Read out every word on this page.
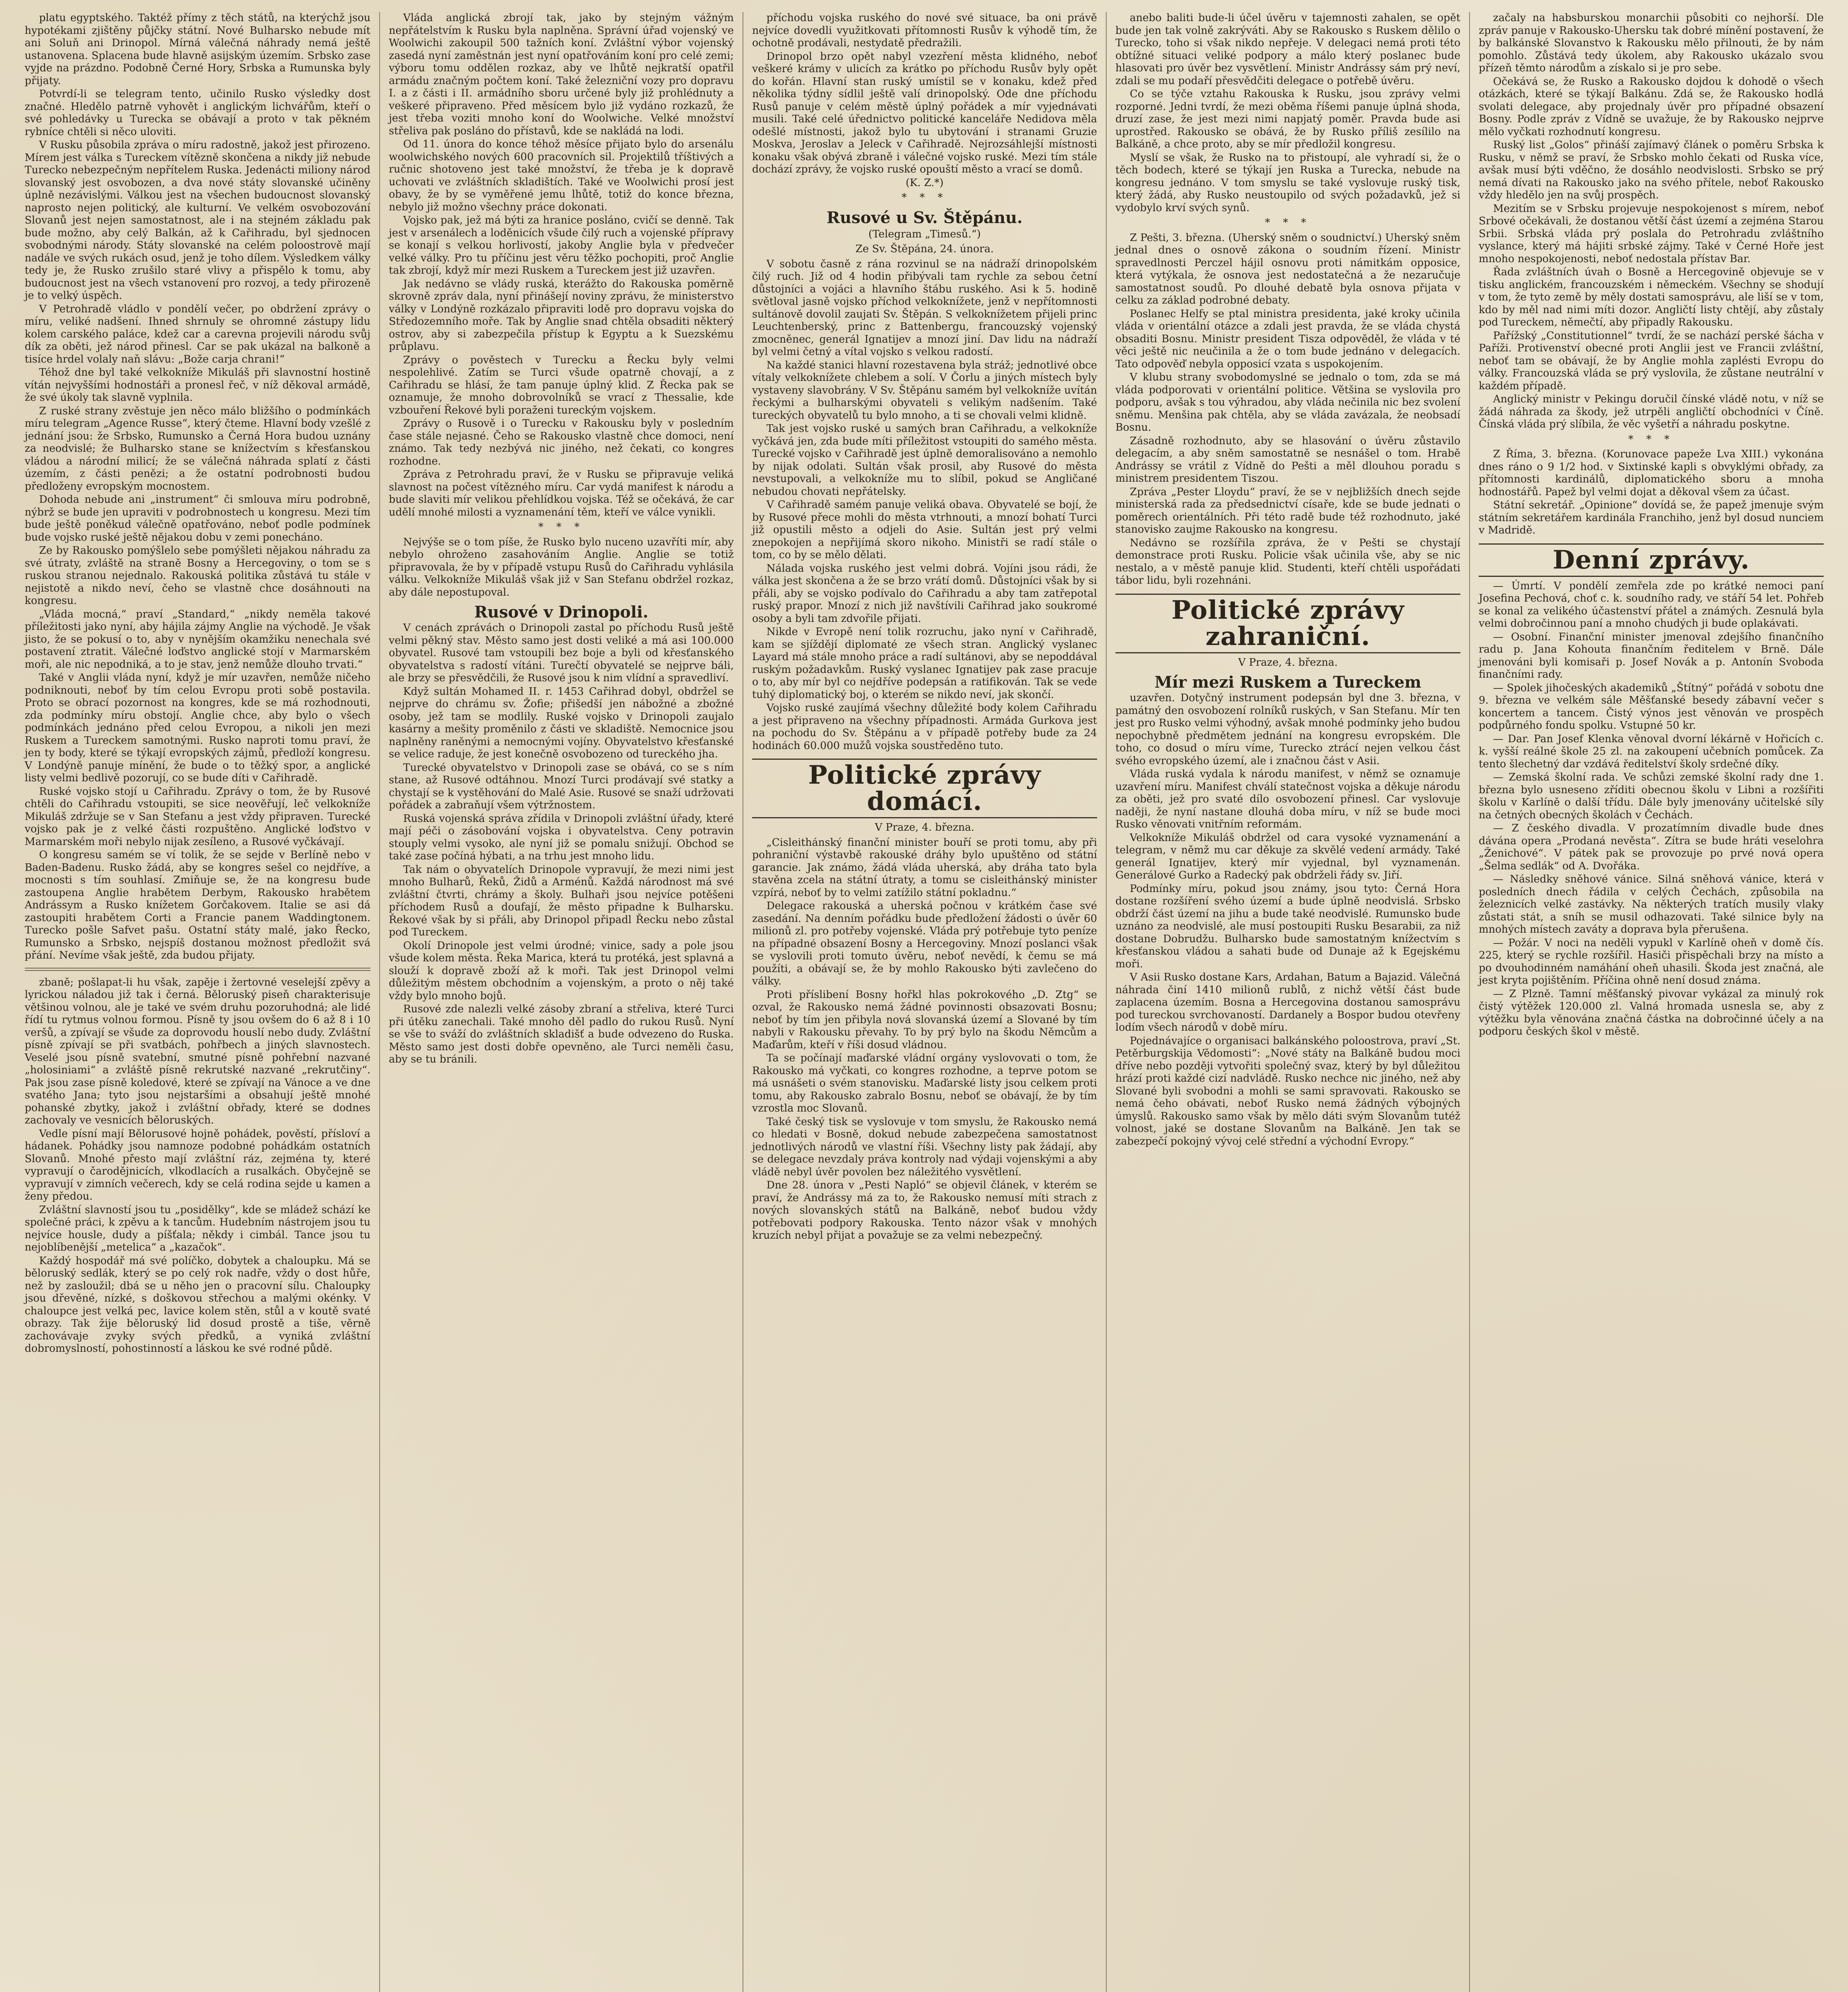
platu egyptského. Taktéž přímy z těch států, na kterýchž jsou hypotékami zjištěny půjčky státní. Nové Bulharsko nebude mít ani Soluň ani Drinopol. Mírná válečná náhrady nemá ještě ustanovena. Splacena bude hlavně asijským územím. Srbsko zase vyjde na prázdno. Podobně Černé Hory, Srbska a Rumunska byly přijaty.

Potvrdí-li se telegram tento, učinilo Rusko výsledky dost značné. Hledělo patrně vyhovět i anglickým lichvářům, kteří o své pohledávky u Turecka se obávají a proto v tak pěkném rybníce chtěli si něco uloviti.

V Rusku působila zpráva o míru radostně, jakož jest přirozeno. Mírem jest válka s Tureckem vítězně skončena a nikdy již nebude Turecko nebezpečným nepřítelem Ruska. Jedenácti miliony národ slovanský jest osvobozen, a dva nové státy slovanské učiněny úplně nezávislými. Válkou jest na všechen budoucnost slovanský naprosto nejen politický, ale kulturní. Ve velkém osvobozování Slovanů jest nejen samostatnost, ale i na stejném základu pak bude možno, aby celý Balkán, až k Cařihradu, byl sjednocen svobodnými národy. Státy slovanské na celém poloostrově mají nadále ve svých rukách osud, jenž je toho dílem. Výsledkem války tedy je, že Rusko zrušilo staré vlivy a přispělo k tomu, aby budoucnost jest na všech vstanovení pro rozvoj, a tedy přirozeně je to velký úspěch.

V Petrohradě vládlo v pondělí večer, po obdržení zprávy o míru, veliké nadšení. Ihned shrnuly se ohromné zástupy lidu kolem carského paláce, kdež car a carevna projevili národu svůj dík za oběti, jež národ přinesl. Car se pak ukázal na balkoně a tisíce hrdel volaly naň slávu: „Bože carja chrani!“

Téhož dne byl také velkokníže Mikuláš při slavnostní hostině vítán nejvyššími hodnostáři a pronesl řeč, v níž děkoval armádě, že své úkoly tak slavně vyplnila.

Z ruské strany zvěstuje jen něco málo bližšího o podmínkách míru telegram „Agence Russe“, který čteme. Hlavní body vzešlé z jednání jsou: že Srbsko, Rumunsko a Černá Hora budou uznány za neodvislé; že Bulharsko stane se knížectvím s křesťanskou vládou a národní milicí; že se válečná náhrada splatí z části územím, z části penězi; a že ostatní podrobnosti budou předloženy evropským mocnostem.

Dohoda nebude ani „instrument“ či smlouva míru podrobně, nýbrž se bude jen upraviti v podrobnostech u kongresu. Mezi tím bude ještě poněkud válečně opatřováno, neboť podle podmínek bude vojsko ruské ještě nějakou dobu v zemi ponecháno.

Ze by Rakousko pomýšlelo sebe pomýšleti nějakou náhradu za své útraty, zvláště na straně Bosny a Hercegoviny, o tom se s ruskou stranou nejednalo. Rakouská politika zůstává tu stále v nejistotě a nikdo neví, čeho se vlastně chce dosáhnouti na kongresu.

„Vláda mocná,“ praví „Standard,“ „nikdy neměla takové příležitosti jako nyní, aby hájila zájmy Anglie na východě. Je však jisto, že se pokusí o to, aby v nynějším okamžiku nenechala své postavení ztratit. Válečné loďstvo anglické stojí v Marmarském moři, ale nic nepodniká, a to je stav, jenž nemůže dlouho trvati.“

Také v Anglii vláda nyní, když je mír uzavřen, nemůže ničeho podniknouti, neboť by tím celou Evropu proti sobě postavila. Proto se obrací pozornost na kongres, kde se má rozhodnouti, zda podmínky míru obstojí. Anglie chce, aby bylo o všech podmínkách jednáno před celou Evropou, a nikoli jen mezi Ruskem a Tureckem samotnými. Rusko naproti tomu praví, že jen ty body, které se týkají evropských zájmů, předloží kongresu. V Londýně panuje mínění, že bude o to těžký spor, a anglické listy velmi bedlivě pozorují, co se bude díti v Cařihradě.

Ruské vojsko stojí u Cařihradu. Zprávy o tom, že by Rusové chtěli do Cařihradu vstoupiti, se sice neověřují, leč velkokníže Mikuláš zdržuje se v San Stefanu a jest vždy připraven. Turecké vojsko pak je z velké části rozpuštěno. Anglické loďstvo v Marmarském moři nebylo nijak zesíleno, a Rusové vyčkávají.

O kongresu samém se ví tolik, že se sejde v Berlíně nebo v Baden-Badenu. Rusko žádá, aby se kongres sešel co nejdříve, a mocnosti s tím souhlasí. Zmiňuje se, že na kongresu bude zastoupena Anglie hrabětem Derbym, Rakousko hrabětem Andrássym a Rusko knížetem Gorčakovem. Italie se asi dá zastoupiti hrabětem Corti a Francie panem Waddingtonem. Turecko pošle Safvet pašu. Ostatní státy malé, jako Řecko, Rumunsko a Srbsko, nejspíš dostanou možnost předložit svá přání. Nevíme však ještě, zda budou přijaty.

zbaně; pošlapat-li hu však, zapěje i žertovné veselejší zpěvy a lyrickou náladou již tak i černá. Běloruský piseň charakterisuje většinou volnou, ale je také ve svém druhu pozoruhodná; ale lidé řídí tu rytmus volnou formou. Písně ty jsou ovšem do 6 až 8 i 10 veršů, a zpívají se všude za doprovodu houslí nebo dudy. Zvláštní písně zpívají se při svatbách, pohřbech a jiných slavnostech. Veselé jsou písně svatební, smutné písně pohřební nazvané „holosiniami“ a zvláště písně rekrutské nazvané „rekrutčiny“. Pak jsou zase písně koledové, které se zpívají na Vánoce a ve dne svatého Jana; tyto jsou nejstaršími a obsahují ještě mnohé pohanské zbytky, jakož i zvláštní obřady, které se dodnes zachovaly ve vesnicích běloruských.

Vedle písní mají Bělorusové hojně pohádek, pověstí, přísloví a hádanek. Pohádky jsou namnoze podobné pohádkám ostatních Slovanů. Mnohé přesto mají zvláštní ráz, zejména ty, které vypravují o čarodějnicích, vlkodlacích a rusalkách. Obyčejně se vypravují v zimních večerech, kdy se celá rodina sejde u kamen a ženy předou.

Zvláštní slavností jsou tu „posidělky“, kde se mládež schází ke společné práci, k zpěvu a k tancům. Hudebním nástrojem jsou tu nejvíce housle, dudy a píšťala; někdy i cimbál. Tance jsou tu nejoblíbenější „metelica“ a „kazačok“.

Každý hospodář má své políčko, dobytek a chaloupku. Má se běloruský sedlák, který se po celý rok nadře, vždy o dost hůře, než by zasloužil; dbá se u něho jen o pracovní sílu. Chaloupky jsou dřevěné, nízké, s doškovou střechou a malými okénky. V chaloupce jest velká pec, lavice kolem stěn, stůl a v koutě svaté obrazy. Tak žije běloruský lid dosud prostě a tiše, věrně zachovávaje zvyky svých předků, a vyniká zvláštní dobromyslností, pohostinností a láskou ke své rodné půdě.

Vláda anglická zbrojí tak, jako by stejným vážným nepřátelstvím k Rusku byla naplněna. Správní úřad vojenský ve Woolwichi zakoupil 500 tažních koní. Zvláštní výbor vojenský zasedá nyní zaměstnán jest nyní opatřováním koní pro celé zemi; výboru tomu oddělen rozkaz, aby ve lhůtě nejkratší opatřil armádu značným počtem koní. Také železniční vozy pro dopravu I. a z části i II. armádního sboru určené byly již prohlédnuty a veškeré připraveno. Před měsícem bylo již vydáno rozkazů, že jest třeba voziti mnoho koní do Woolwiche. Velké množství střeliva pak posláno do přístavů, kde se nakládá na lodi.

Od 11. února do konce téhož měsíce přijato bylo do arsenálu woolwichského nových 600 pracovních sil. Projektilů tříštivých a ručnic shotoveno jest také množství, že třeba je k dopravě uchovati ve zvláštních skladištích. Také ve Woolwichi prosí jest obavy, že by se vyměřené jemu lhůtě, totiž do konce března, nebylo již možno všechny práce dokonati.

Vojsko pak, jež má býti za hranice posláno, cvičí se denně. Tak jest v arsenálech a loděnicích všude čilý ruch a vojenské přípravy se konají s velkou horlivostí, jakoby Anglie byla v předvečer velké války. Pro tu příčinu jest věru těžko pochopiti, proč Anglie tak zbrojí, když mír mezi Ruskem a Tureckem jest již uzavřen.

Jak nedávno se vlády ruská, kterážto do Rakouska poměrně skrovně zpráv dala, nyní přinášejí noviny zprávu, že ministerstvo války v Londýně rozkázalo připraviti lodě pro dopravu vojska do Středozemního moře. Tak by Anglie snad chtěla obsaditi některý ostrov, aby si zabezpečila přístup k Egyptu a k Suezskému průplavu.

Zprávy o pověstech v Turecku a Řecku byly velmi nespolehlivé. Zatím se Turci všude opatrně chovají, a z Cařihradu se hlásí, že tam panuje úplný klid. Z Řecka pak se oznamuje, že mnoho dobrovolníků se vrací z Thessalie, kde vzbouření Řekové byli poraženi tureckým vojskem.

Zprávy o Rusově i o Turecku v Rakousku byly v posledním čase stále nejasné. Čeho se Rakousko vlastně chce domoci, není známo. Tak tedy nezbývá nic jiného, než čekati, co kongres rozhodne.

Zpráva z Petrohradu praví, že v Rusku se připravuje veliká slavnost na počest vítězného míru. Car vydá manifest k národu a bude slaviti mír velikou přehlídkou vojska. Též se očekává, že car udělí mnohé milosti a vyznamenání těm, kteří ve válce vynikli.

* * *

Nejvýše se o tom píše, že Rusko bylo nuceno uzavříti mír, aby nebylo ohroženo zasahováním Anglie. Anglie se totiž připravovala, že by v případě vstupu Rusů do Cařihradu vyhlásila válku. Velkokníže Mikuláš však již v San Stefanu obdržel rozkaz, aby dále nepostupoval.

Rusové v Drinopoli.

V cenách zprávách o Drinopoli zastal po příchodu Rusů ještě velmi pěkný stav. Město samo jest dosti veliké a má asi 100.000 obyvatel. Rusové tam vstoupili bez boje a byli od křesťanského obyvatelstva s radostí vítáni. Turečtí obyvatelé se nejprve báli, ale brzy se přesvědčili, že Rusové jsou k nim vlídní a spravedliví.

Když sultán Mohamed II. r. 1453 Cařihrad dobyl, obdržel se nejprve do chrámu sv. Žofie; přišedší jen nábožné a zbožné osoby, jež tam se modlily. Ruské vojsko v Drinopoli zaujalo kasárny a mešity proměnilo z části ve skladiště. Nemocnice jsou naplněny raněnými a nemocnými vojíny. Obyvatelstvo křesťanské se velice raduje, že jest konečně osvobozeno od tureckého jha.

Turecké obyvatelstvo v Drinopoli zase se obává, co se s ním stane, až Rusové odtáhnou. Mnozí Turci prodávají své statky a chystají se k vystěhování do Malé Asie. Rusové se snaží udržovati pořádek a zabraňují všem výtržnostem.

Ruská vojenská správa zřídila v Drinopoli zvláštní úřady, které mají péči o zásobování vojska i obyvatelstva. Ceny potravin stouply velmi vysoko, ale nyní již se pomalu snižují. Obchod se také zase počíná hýbati, a na trhu jest mnoho lidu.

Tak nám o obyvatelích Drinopole vypravují, že mezi nimi jest mnoho Bulharů, Řeků, Židů a Arménů. Každá národnost má své zvláštní čtvrti, chrámy a školy. Bulhaři jsou nejvíce potěšeni příchodem Rusů a doufají, že město připadne k Bulharsku. Řekové však by si přáli, aby Drinopol připadl Řecku nebo zůstal pod Tureckem.

Okolí Drinopole jest velmi úrodné; vinice, sady a pole jsou všude kolem města. Řeka Marica, která tu protéká, jest splavná a slouží k dopravě zboží až k moři. Tak jest Drinopol velmi důležitým městem obchodním a vojenským, a proto o něj také vždy bylo mnoho bojů.

Rusové zde nalezli velké zásoby zbraní a střeliva, které Turci při útěku zanechali. Také mnoho děl padlo do rukou Rusů. Nyní se vše to sváží do zvláštních skladišť a bude odvezeno do Ruska. Město samo jest dosti dobře opevněno, ale Turci neměli času, aby se tu bránili.

příchodu vojska ruského do nové své situace, ba oni právě nejvíce dovedli využitkovati přítomnosti Rusův k výhodě tím, že ochotně prodávali, nestydatě předražili.

Drinopol brzo opět nabyl vzezření města klidného, neboť veškeré krámy v ulicích za krátko po příchodu Rusův byly opět do kořán. Hlavní stan ruský umístil se v konaku, kdež před několika týdny sídlil ještě valí drinopolský. Ode dne příchodu Rusů panuje v celém městě úplný pořádek a mír vyjednávati musili. Také celé úřednictvo politické kanceláře Nedidova měla odešlé místnosti, jakož bylo tu ubytování i stranami Gruzie Moskva, Jeroslav a Jeleck v Cařihradě. Nejrozsáhlejší místnosti konaku však obývá zbraně i válečné vojsko ruské. Mezi tím stále dochází zprávy, že vojsko ruské opouští město a vrací se domů.

(K. Z.*)
* * *
Rusové u Sv. Štěpánu.
(Telegram „Timesů.“)
Ze Sv. Štěpána, 24. února.

V sobotu časně z rána rozvinul se na nádraží drinopolském čilý ruch. Již od 4 hodin přibývali tam rychle za sebou četní důstojníci a vojáci a hlavního štábu ruského. Asi k 5. hodině světloval jasně vojsko příchod velkoknížete, jenž v nepřítomnosti sultánově dovolil zaujati Sv. Štěpán. S velkoknížetem přijeli princ Leuchtenberský, princ z Battenbergu, francouzský vojenský zmocněnec, generál Ignatijev a mnozí jiní. Dav lidu na nádraží byl velmi četný a vítal vojsko s velkou radostí.

Na každé stanici hlavní rozestavena byla stráž; jednotlivé obce vítaly velkoknížete chlebem a solí. V Čorlu a jiných místech byly vystaveny slavobrány. V Sv. Štěpánu samém byl velkokníže uvítán řeckými a bulharskými obyvateli s velikým nadšením. Také tureckých obyvatelů tu bylo mnoho, a ti se chovali velmi klidně.

Tak jest vojsko ruské u samých bran Cařihradu, a velkokníže vyčkává jen, zda bude míti příležitost vstoupiti do samého města. Turecké vojsko v Cařihradě jest úplně demoralisováno a nemohlo by nijak odolati. Sultán však prosil, aby Rusové do města nevstupovali, a velkokníže mu to slíbil, pokud se Angličané nebudou chovati nepřátelsky.

V Cařihradě samém panuje veliká obava. Obyvatelé se bojí, že by Rusové přece mohli do města vtrhnouti, a mnozí bohatí Turci již opustili město a odjeli do Asie. Sultán jest prý velmi znepokojen a nepřijímá skoro nikoho. Ministři se radí stále o tom, co by se mělo dělati.

Nálada vojska ruského jest velmi dobrá. Vojíni jsou rádi, že válka jest skončena a že se brzo vrátí domů. Důstojníci však by si přáli, aby se vojsko podívalo do Cařihradu a aby tam zatřepotal ruský prapor. Mnozí z nich již navštívili Cařihrad jako soukromé osoby a byli tam zdvořile přijati.

Nikde v Evropě není tolik rozruchu, jako nyní v Cařihradě, kam se sjíždějí diplomaté ze všech stran. Anglický vyslanec Layard má stále mnoho práce a radí sultánovi, aby se nepoddával ruským požadavkům. Ruský vyslanec Ignatijev pak zase pracuje o to, aby mír byl co nejdříve podepsán a ratifikován. Tak se vede tuhý diplomatický boj, o kterém se nikdo neví, jak skončí.

Vojsko ruské zaujímá všechny důležité body kolem Cařihradu a jest připraveno na všechny případnosti. Armáda Gurkova jest na pochodu do Sv. Štěpánu a v případě potřeby bude za 24 hodinách 60.000 mužů vojska soustředěno tuto.

Politické zprávy domácí.
V Praze, 4. března.

„Cisleithánský finanční minister bouří se proti tomu, aby při pohraniční výstavbě rakouské dráhy bylo upuštěno od státní garancie. Jak známo, žádá vláda uherská, aby dráha tato byla stavěna zcela na státní útraty, a tomu se cisleithánský minister vzpírá, neboť by to velmi zatížilo státní pokladnu.“

Delegace rakouská a uherská počnou v krátkém čase své zasedání. Na denním pořádku bude předložení žádosti o úvěr 60 milionů zl. pro potřeby vojenské. Vláda prý potřebuje tyto peníze na případné obsazení Bosny a Hercegoviny. Mnozí poslanci však se vyslovili proti tomuto úvěru, neboť nevědí, k čemu se má použíti, a obávají se, že by mohlo Rakousko býti zavlečeno do války.

Proti příslibení Bosny hořkl hlas pokrokového „D. Ztg“ se ozval, že Rakousko nemá žádné povinnosti obsazovati Bosnu; neboť by tím jen přibyla nová slovanská území a Slované by tím nabyli v Rakousku převahy. To by prý bylo na škodu Němcům a Maďarům, kteří v říši dosud vládnou.

Ta se počínají maďarské vládní orgány vyslovovati o tom, že Rakousko má vyčkati, co kongres rozhodne, a teprve potom se má usnášeti o svém stanovisku. Maďarské listy jsou celkem proti tomu, aby Rakousko zabralo Bosnu, neboť se obávají, že by tím vzrostla moc Slovanů.

Také český tisk se vyslovuje v tom smyslu, že Rakousko nemá co hledati v Bosně, dokud nebude zabezpečena samostatnost jednotlivých národů ve vlastní říši. Všechny listy pak žádají, aby se delegace nevzdaly práva kontroly nad výdaji vojenskými a aby vládě nebyl úvěr povolen bez náležitého vysvětlení.

Dne 28. února v „Pesti Napló“ se objevil článek, v kterém se praví, že Andrássy má za to, že Rakousko nemusí míti strach z nových slovanských států na Balkáně, neboť budou vždy potřebovati podpory Rakouska. Tento názor však v mnohých kruzích nebyl přijat a považuje se za velmi nebezpečný.

anebo baliti bude-li účel úvěru v tajemnosti zahalen, se opět bude jen tak volně zakrýváti. Aby se Rakousko s Ruskem dělilo o Turecko, toho si však nikdo nepřeje. V delegaci nemá proti této obtížné situaci veliké podpory a málo který poslanec bude hlasovati pro úvěr bez vysvětlení. Ministr Andrássy sám prý neví, zdali se mu podaří přesvědčiti delegace o potřebě úvěru.

Co se týče vztahu Rakouska k Rusku, jsou zprávy velmi rozporné. Jedni tvrdí, že mezi oběma říšemi panuje úplná shoda, druzí zase, že jest mezi nimi napjatý poměr. Pravda bude asi uprostřed. Rakousko se obává, že by Rusko příliš zesílilo na Balkáně, a chce proto, aby se mír předložil kongresu.

Myslí se však, že Rusko na to přistoupí, ale vyhradí si, že o těch bodech, které se týkají jen Ruska a Turecka, nebude na kongresu jednáno. V tom smyslu se také vyslovuje ruský tisk, který žádá, aby Rusko neustoupilo od svých požadavků, jež si vydobylo krví svých synů.

* * *

Z Pešti, 3. března. (Uherský sněm o soudnictví.) Uherský sněm jednal dnes o osnově zákona o soudním řízení. Ministr spravedlnosti Perczel hájil osnovu proti námitkám opposice, která vytýkala, že osnova jest nedostatečná a že nezaručuje samostatnost soudů. Po dlouhé debatě byla osnova přijata v celku za základ podrobné debaty.

Poslanec Helfy se ptal ministra presidenta, jaké kroky učinila vláda v orientální otázce a zdali jest pravda, že se vláda chystá obsaditi Bosnu. Ministr president Tisza odpověděl, že vláda v té věci ještě nic neučinila a že o tom bude jednáno v delegacích. Tato odpověď nebyla opposicí vzata s uspokojením.

V klubu strany svobodomyslné se jednalo o tom, zda se má vláda podporovati v orientální politice. Většina se vyslovila pro podporu, avšak s tou výhradou, aby vláda nečinila nic bez svolení sněmu. Menšina pak chtěla, aby se vláda zavázala, že neobsadí Bosnu.

Zásadně rozhodnuto, aby se hlasování o úvěru zůstavilo delegacím, a aby sněm samostatně se nesnášel o tom. Hrabě Andrássy se vrátil z Vídně do Pešti a měl dlouhou poradu s ministrem presidentem Tiszou.

Zpráva „Pester Lloydu“ praví, že se v nejbližších dnech sejde ministerská rada za předsednictví císaře, kde se bude jednati o poměrech orientálních. Při této radě bude též rozhodnuto, jaké stanovisko zaujme Rakousko na kongresu.

Nedávno se rozšířila zpráva, že v Pešti se chystají demonstrace proti Rusku. Policie však učinila vše, aby se nic nestalo, a v městě panuje klid. Studenti, kteří chtěli uspořádati tábor lidu, byli rozehnáni.

Politické zprávy zahraniční.
V Praze, 4. března.
Mír mezi Ruskem a Tureckem

uzavřen. Dotyčný instrument podepsán byl dne 3. března, v památný den osvobození rolníků ruských, v San Stefanu. Mír ten jest pro Rusko velmi výhodný, avšak mnohé podmínky jeho budou nepochybně předmětem jednání na kongresu evropském. Dle toho, co dosud o míru víme, Turecko ztrácí nejen velkou část svého evropského území, ale i značnou část v Asii.

Vláda ruská vydala k národu manifest, v němž se oznamuje uzavření míru. Manifest chválí statečnost vojska a děkuje národu za oběti, jež pro svaté dílo osvobození přinesl. Car vyslovuje naději, že nyní nastane dlouhá doba míru, v níž se bude moci Rusko věnovati vnitřním reformám.

Velkokníže Mikuláš obdržel od cara vysoké vyznamenání a telegram, v němž mu car děkuje za skvělé vedení armády. Také generál Ignatijev, který mír vyjednal, byl vyznamenán. Generálové Gurko a Radecký pak obdrželi řády sv. Jiří.

Podmínky míru, pokud jsou známy, jsou tyto: Černá Hora dostane rozšíření svého území a bude úplně neodvislá. Srbsko obdrží část území na jihu a bude také neodvislé. Rumunsko bude uznáno za neodvislé, ale musí postoupiti Rusku Besarabii, za niž dostane Dobrudžu. Bulharsko bude samostatným knížectvím s křesťanskou vládou a sahati bude od Dunaje až k Egejskému moři.

V Asii Rusko dostane Kars, Ardahan, Batum a Bajazid. Válečná náhrada činí 1410 milionů rublů, z nichž větší část bude zaplacena územím. Bosna a Hercegovina dostanou samosprávu pod tureckou svrchovaností. Dardanely a Bospor budou otevřeny lodím všech národů v době míru.

Pojednávajíce o organisaci balkánského poloostrova, praví „St. Petěrburgskija Vědomosti“: „Nové státy na Balkáně budou moci dříve nebo později vytvořiti společný svaz, který by byl důležitou hrází proti každé cizí nadvládě. Rusko nechce nic jiného, než aby Slované byli svobodni a mohli se sami spravovati. Rakousko se nemá čeho obávati, neboť Rusko nemá žádných výbojných úmyslů. Rakousko samo však by mělo dáti svým Slovanům tutéž volnost, jaké se dostane Slovanům na Balkáně. Jen tak se zabezpečí pokojný vývoj celé střední a východní Evropy.“

začaly na habsburskou monarchii působiti co nejhorší. Dle zpráv panuje v Rakousko-Uhersku tak dobré mínění postavení, že by balkánské Slovanstvo k Rakousku mělo přilnouti, že by nám pomohlo. Zůstává tedy úkolem, aby Rakousko ukázalo svou přízeň těmto národům a získalo si je pro sebe.

Očekává se, že Rusko a Rakousko dojdou k dohodě o všech otázkách, které se týkají Balkánu. Zdá se, že Rakousko hodlá svolati delegace, aby projednaly úvěr pro případné obsazení Bosny. Podle zpráv z Vídně se uvažuje, že by Rakousko nejprve mělo vyčkati rozhodnutí kongresu.

Ruský list „Golos“ přináší zajímavý článek o poměru Srbska k Rusku, v němž se praví, že Srbsko mohlo čekati od Ruska více, avšak musí býti vděčno, že dosáhlo neodvislosti. Srbsko se prý nemá dívati na Rakousko jako na svého přítele, neboť Rakousko vždy hledělo jen na svůj prospěch.

Mezitím se v Srbsku projevuje nespokojenost s mírem, neboť Srbové očekávali, že dostanou větší část území a zejména Starou Srbii. Srbská vláda prý poslala do Petrohradu zvláštního vyslance, který má hájiti srbské zájmy. Také v Černé Hoře jest mnoho nespokojenosti, neboť nedostala přístav Bar.

Řada zvláštních úvah o Bosně a Hercegovině objevuje se v tisku anglickém, francouzském i německém. Všechny se shodují v tom, že tyto země by měly dostati samosprávu, ale liší se v tom, kdo by měl nad nimi míti dozor. Angličtí listy chtějí, aby zůstaly pod Tureckem, němečtí, aby připadly Rakousku.

Pařížský „Constitutionnel“ tvrdí, že se nachází perské šácha v Paříži. Protivenství obecné proti Anglii jest ve Francii zvláštní, neboť tam se obávají, že by Anglie mohla zaplésti Evropu do války. Francouzská vláda se prý vyslovila, že zůstane neutrální v každém případě.

Anglický ministr v Pekingu doručil čínské vládě notu, v níž se žádá náhrada za škody, jež utrpěli angličtí obchodníci v Číně. Čínská vláda prý slíbila, že věc vyšetří a náhradu poskytne.

* * *

Z Říma, 3. března. (Korunovace papeže Lva XIII.) vykonána dnes ráno o 9 1/2 hod. v Sixtinské kapli s obvyklými obřady, za přítomnosti kardinálů, diplomatického sboru a mnoha hodnostářů. Papež byl velmi dojat a děkoval všem za účast.

Státní sekretář. „Opinione“ dovídá se, že papež jmenuje svým státním sekretářem kardinála Franchiho, jenž byl dosud nunciem v Madridě.

Denní zprávy.

— Úmrtí. V pondělí zemřela zde po krátké nemoci paní Josefina Pechová, choť c. k. soudního rady, ve stáří 54 let. Pohřeb se konal za velikého účastenství přátel a známých. Zesnulá byla velmi dobročinnou paní a mnoho chudých ji bude oplakávati.

— Osobní. Finanční minister jmenoval zdejšího finančního radu p. Jana Kohouta finančním ředitelem v Brně. Dále jmenováni byli komisaři p. Josef Novák a p. Antonín Svoboda finančními rady.

— Spolek jihočeských akademiků „Štítný“ pořádá v sobotu dne 9. března ve velkém sále Měšťanské besedy zábavní večer s koncertem a tancem. Čistý výnos jest věnován ve prospěch podpůrného fondu spolku. Vstupné 50 kr.

— Dar. Pan Josef Klenka věnoval dvorní lékárně v Hořicích c. k. vyšší reálné škole 25 zl. na zakoupení učebních pomůcek. Za tento šlechetný dar vzdává ředitelství školy srdečné díky.

— Zemská školní rada. Ve schůzi zemské školní rady dne 1. března bylo usneseno zříditi obecnou školu v Libni a rozšířiti školu v Karlíně o další třídu. Dále byly jmenovány učitelské síly na četných obecných školách v Čechách.

— Z českého divadla. V prozatímním divadle bude dnes dávána opera „Prodaná nevěsta“. Zítra se bude hráti veselohra „Ženichové“. V pátek pak se provozuje po prvé nová opera „Šelma sedlák“ od A. Dvořáka.

— Následky sněhové vánice. Silná sněhová vánice, která v posledních dnech řádila v celých Čechách, způsobila na železnicích velké zastávky. Na některých tratích musily vlaky zůstati stát, a sníh se musil odhazovati. Také silnice byly na mnohých místech zaváty a doprava byla přerušena.

— Požár. V noci na neděli vypukl v Karlíně oheň v domě čís. 225, který se rychle rozšířil. Hasiči přispěchali brzy na místo a po dvouhodinném namáhání oheň uhasili. Škoda jest značná, ale jest kryta pojištěním. Příčina ohně není dosud známa.

— Z Plzně. Tamní měšťanský pivovar vykázal za minulý rok čistý výtěžek 120.000 zl. Valná hromada usnesla se, aby z výtěžku byla věnována značná částka na dobročinné účely a na podporu českých škol v městě.
